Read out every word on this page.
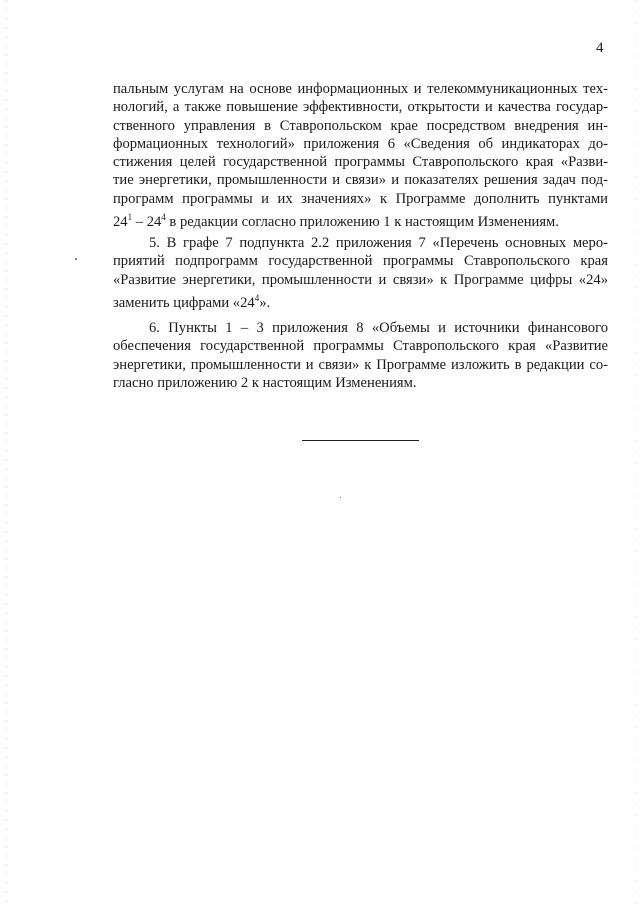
4
пальным услугам на основе информационных и телекоммуникационных тех-
нологий, а также повышение эффективности, открытости и качества государ-
ственного управления в Ставропольском крае посредством внедрения ин-
формационных технологий» приложения 6 «Сведения об индикаторах до-
стижения целей государственной программы Ставропольского края «Разви-
тие энергетики, промышленности и связи» и показателях решения задач под-
программ программы и их значениях» к Программе дополнить пунктами
$24^1 - 24^4$ в редакции согласно приложению 1 к настоящим Изменениям.
5. В графе 7 подпункта 2.2 приложения 7 «Перечень основных меро-
приятий подпрограмм государственной программы Ставропольского края
«Развитие энергетики, промышленности и связи» к Программе цифры «24»
заменить цифрами «$24^4$».
6. Пункты 1 – 3 приложения 8 «Объемы и источники финансового
обеспечения государственной программы Ставропольского края «Развитие
энергетики, промышленности и связи» к Программе изложить в редакции со-
гласно приложению 2 к настоящим Изменениям.
